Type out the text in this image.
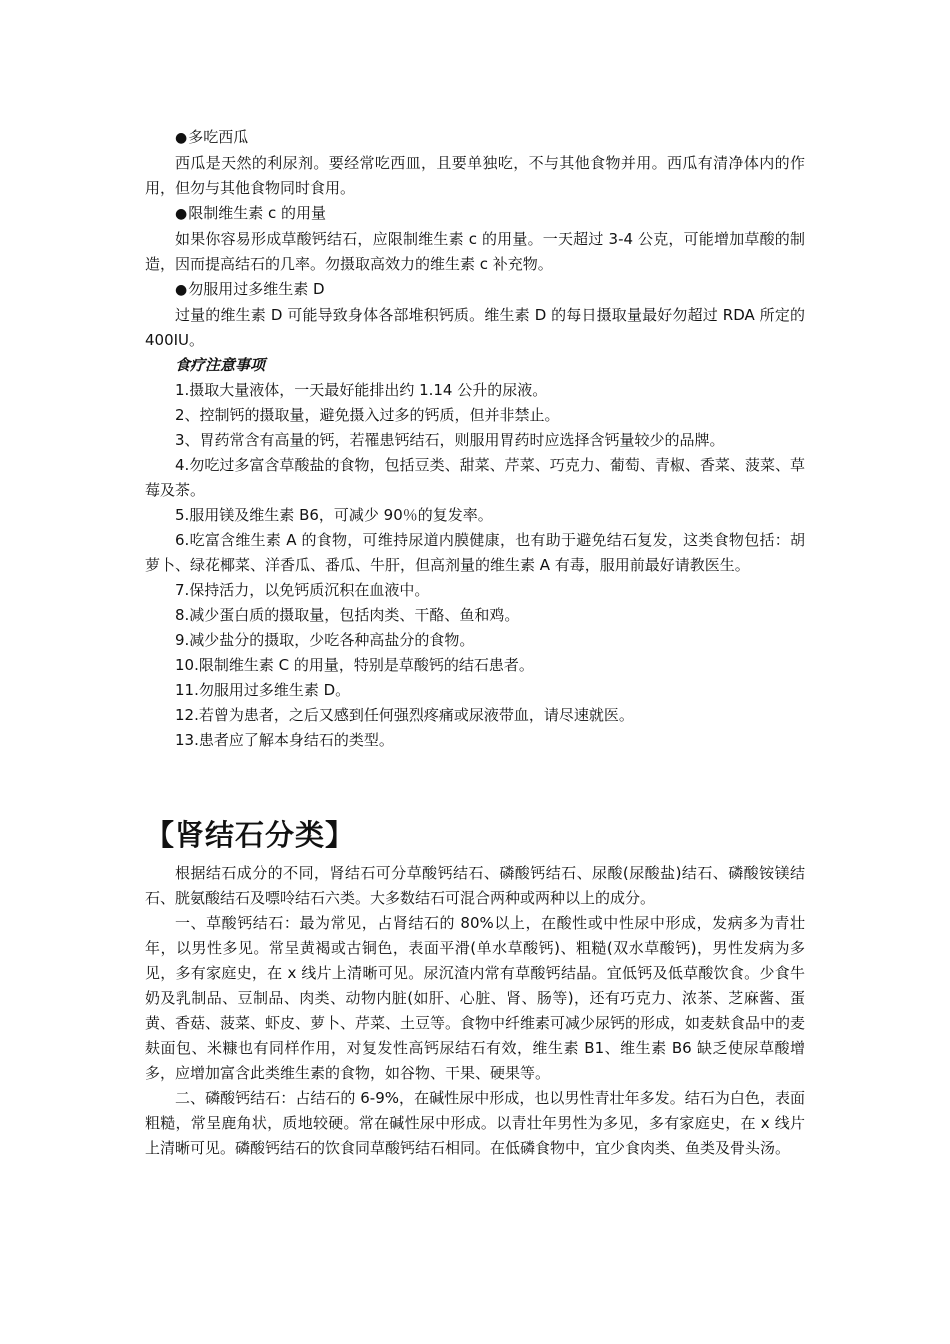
●多吃西瓜

西瓜是天然的利尿剂。要经常吃西皿，且要单独吃，不与其他食物并用。西瓜有清净体内的作用，但勿与其他食物同时食用。

●限制维生素 c 的用量

如果你容易形成草酸钙结石，应限制维生素 c 的用量。一天超过 3-4 公克，可能增加草酸的制造，因而提高结石的几率。勿摄取高效力的维生素 c 补充物。

●勿服用过多维生素 D

过量的维生素 D 可能导致身体各部堆积钙质。维生素 D 的每日摄取量最好勿超过 RDA 所定的 400IU。

食疗注意事项

1.摄取大量液体，一天最好能排出约 1.14 公升的尿液。

2、控制钙的摄取量，避免摄入过多的钙质，但并非禁止。

3、胃药常含有高量的钙，若罹患钙结石，则服用胃药时应选择含钙量较少的品牌。

4.勿吃过多富含草酸盐的食物，包括豆类、甜菜、芹菜、巧克力、葡萄、青椒、香菜、菠菜、草莓及茶。

5.服用镁及维生素 B6，可减少 90％的复发率。

6.吃富含维生素 A 的食物，可维持尿道内膜健康，也有助于避免结石复发，这类食物包括：胡萝卜、绿花椰菜、洋香瓜、番瓜、牛肝，但高剂量的维生素 A 有毒，服用前最好请教医生。

7.保持活力，以免钙质沉积在血液中。

8.减少蛋白质的摄取量，包括肉类、干酪、鱼和鸡。

9.减少盐分的摄取，少吃各种高盐分的食物。

10.限制维生素 C 的用量，特别是草酸钙的结石患者。

11.勿服用过多维生素 D。

12.若曾为患者，之后又感到任何强烈疼痛或尿液带血，请尽速就医。

13.患者应了解本身结石的类型。

【肾结石分类】

根据结石成分的不同，肾结石可分草酸钙结石、磷酸钙结石、尿酸(尿酸盐)结石、磷酸铵镁结石、胱氨酸结石及嘌呤结石六类。大多数结石可混合两种或两种以上的成分。

一、草酸钙结石：最为常见，占肾结石的 80%以上，在酸性或中性尿中形成，发病多为青壮年，以男性多见。常呈黄褐或古铜色，表面平滑(单水草酸钙)、粗糙(双水草酸钙)，男性发病为多见，多有家庭史，在 x 线片上清晰可见。尿沉渣内常有草酸钙结晶。宜低钙及低草酸饮食。少食牛奶及乳制品、豆制品、肉类、动物内脏(如肝、心脏、肾、肠等)，还有巧克力、浓茶、芝麻酱、蛋黄、香菇、菠菜、虾皮、萝卜、芹菜、土豆等。食物中纤维素可减少尿钙的形成，如麦麸食品中的麦麸面包、米糠也有同样作用，对复发性高钙尿结石有效，维生素 B1、维生素 B6 缺乏使尿草酸增多，应增加富含此类维生素的食物，如谷物、干果、硬果等。

二、磷酸钙结石：占结石的 6-9%，在碱性尿中形成，也以男性青壮年多发。结石为白色，表面粗糙，常呈鹿角状，质地较硬。常在碱性尿中形成。以青壮年男性为多见，多有家庭史，在 x 线片上清晰可见。磷酸钙结石的饮食同草酸钙结石相同。在低磷食物中，宜少食肉类、鱼类及骨头汤。
